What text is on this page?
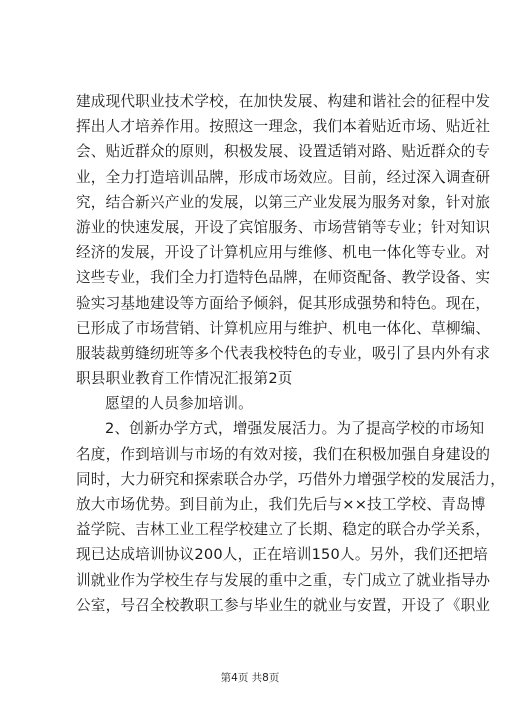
建成现代职业技术学校，在加快发展、构建和谐社会的征程中发
挥出人才培养作用。按照这一理念，我们本着贴近市场、贴近社
会、贴近群众的原则，积极发展、设置适销对路、贴近群众的专
业，全力打造培训品牌，形成市场效应。目前，经过深入调查研
究，结合新兴产业的发展，以第三产业发展为服务对象，针对旅
游业的快速发展，开设了宾馆服务、市场营销等专业；针对知识
经济的发展，开设了计算机应用与维修、机电一体化等专业。对
这些专业，我们全力打造特色品牌，在师资配备、教学设备、实
验实习基地建设等方面给予倾斜，促其形成强势和特色。现在，
已形成了市场营销、计算机应用与维护、机电一体化、草柳编、
服装裁剪缝纫班等多个代表我校特色的专业，吸引了县内外有求
职县职业教育工作情况汇报第2页
愿望的人员参加培训。
2、创新办学方式，增强发展活力。为了提高学校的市场知
名度，作到培训与市场的有效对接，我们在积极加强自身建设的
同时，大力研究和探索联合办学，巧借外力增强学校的发展活力，
放大市场优势。到目前为止，我们先后与××技工学校、青岛博
益学院、吉林工业工程学校建立了长期、稳定的联合办学关系，
现已达成培训协议200人，正在培训150人。另外，我们还把培
训就业作为学校生存与发展的重中之重，专门成立了就业指导办
公室，号召全校教职工参与毕业生的就业与安置，开设了《职业
第4页 共8页
